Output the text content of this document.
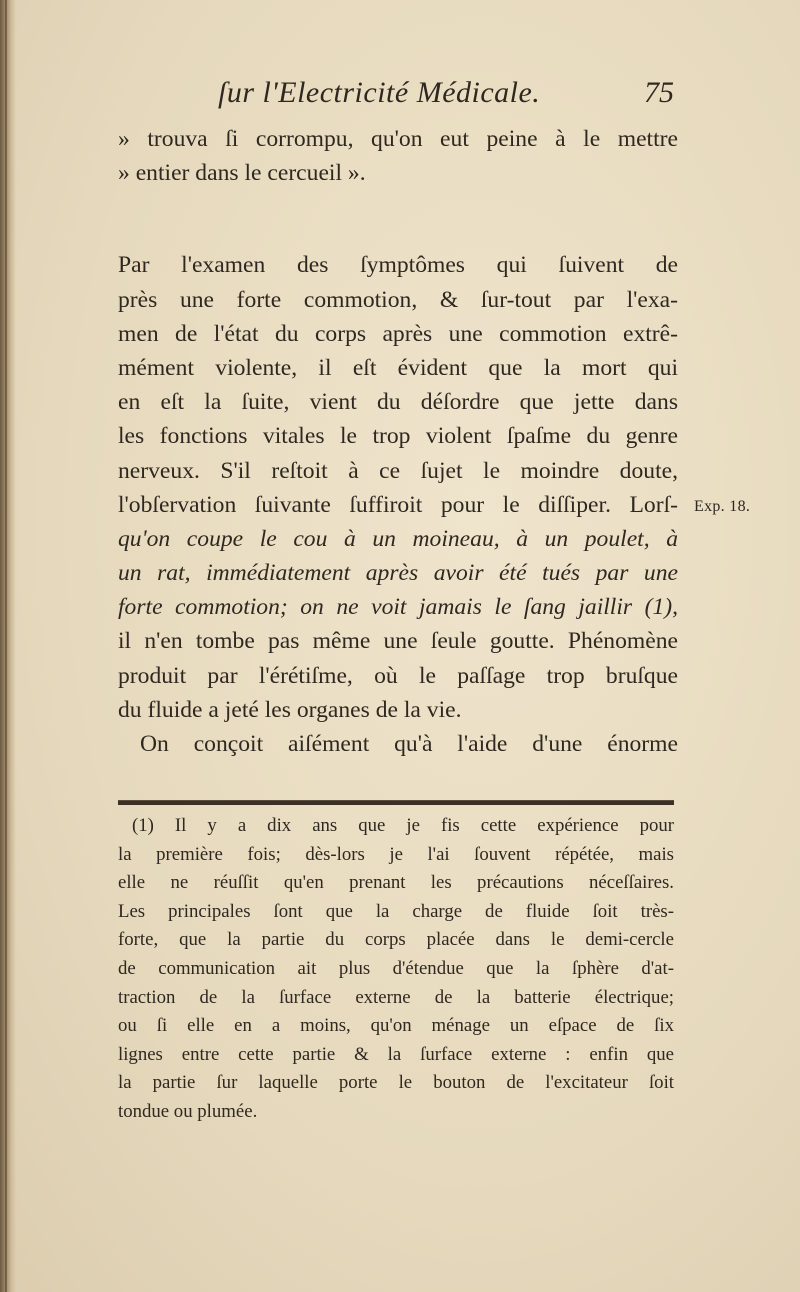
ſur l'Electricité Médicale.	75
» trouva ſi corrompu, qu'on eut peine à le mettre
» entier dans le cercueil ».
Par l'examen des ſymptômes qui ſuivent de
près une forte commotion, & ſur-tout par l'exa-
men de l'état du corps après une commotion extrê-
mément violente, il eſt évident que la mort qui
en eſt la ſuite, vient du déſordre que jette dans
les fonctions vitales le trop violent ſpaſme du genre
nerveux. S'il reſtoit à ce ſujet le moindre doute,
l'obſervation ſuivante ſuffiroit pour le diſſiper. Lorſ-
qu'on coupe le cou à un moineau, à un poulet, à
un rat, immédiatement après avoir été tués par une
forte commotion; on ne voit jamais le ſang jaillir (1),
il n'en tombe pas même une ſeule goutte. Phénomène
produit par l'érétiſme, où le paſſage trop bruſque
du fluide a jeté les organes de la vie.
On conçoit aiſément qu'à l'aide d'une énorme
Exp. 18.
(1) Il y a dix ans que je fis cette expérience pour
la première fois; dès-lors je l'ai ſouvent répétée, mais
elle ne réuſſit qu'en prenant les précautions néceſſaires.
Les principales ſont que la charge de fluide ſoit très-
forte, que la partie du corps placée dans le demi-cercle
de communication ait plus d'étendue que la ſphère d'at-
traction de la ſurface externe de la batterie électrique;
ou ſi elle en a moins, qu'on ménage un eſpace de ſix
lignes entre cette partie & la ſurface externe : enfin que
la partie ſur laquelle porte le bouton de l'excitateur ſoit
tondue ou plumée.
